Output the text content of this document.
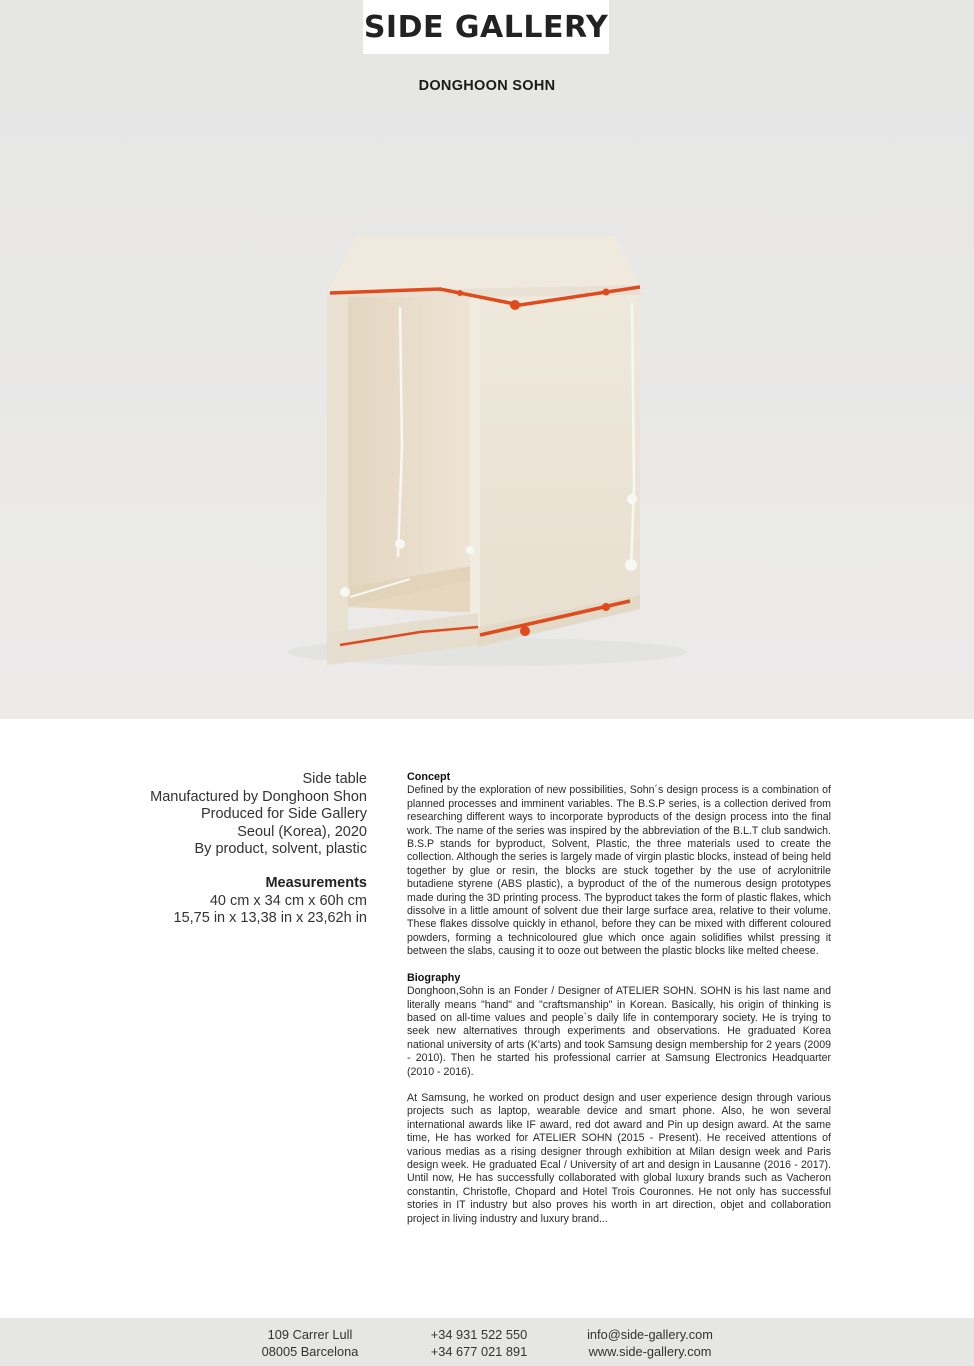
SIDE GALLERY
DONGHOON SOHN
Side table
Manufactured by Donghoon Shon
Produced for Side Gallery
Seoul (Korea), 2020
By product, solvent, plastic
Measurements
40 cm x 34 cm x 60h cm
15,75 in x 13,38 in x 23,62h in
Concept

Defined by the exploration of new possibilities, Sohn´s design process is a combination of planned processes and imminent variables. The B.S.P series, is a collection derived from researching different ways to incorporate byproducts of the design process into the final work. The name of the series was inspired by the abbreviation of the B.L.T club sandwich. B.S.P stands for byproduct, Solvent, Plastic, the three materials used to create the collection. Although the series is largely made of virgin plastic blocks, instead of being held together by glue or resin, the blocks are stuck together by the use of acrylonitrile butadiene styrene (ABS plastic), a byproduct of the of the numerous design prototypes made during the 3D printing process. The byproduct takes the form of plastic flakes, which dissolve in a little amount of solvent due their large surface area, relative to their volume. These flakes dissolve quickly in ethanol, before they can be mixed with different coloured powders, forming a technicoloured glue which once again solidifies whilst pressing it between the slabs, causing it to ooze out between the plastic blocks like melted cheese.

Biography

Donghoon,Sohn is an Fonder / Designer of ATELIER SOHN. SOHN is his last name and literally means "hand" and "craftsmanship" in Korean. Basically, his origin of thinking is based on all-time values and people`s daily life in contemporary society. He is trying to seek new alternatives through experiments and observations. He graduated Korea national university of arts (K'arts) and took Samsung design membership for 2 years (2009 - 2010). Then he started his professional carrier at Samsung Electronics Headquarter (2010 - 2016).

At Samsung, he worked on product design and user experience design through various projects such as laptop, wearable device and smart phone. Also, he won several international awards like IF award, red dot award and Pin up design award. At the same time, He has worked for ATELIER SOHN (2015 - Present). He received attentions of various medias as a rising designer through exhibition at Milan design week and Paris design week. He graduated Ecal / University of art and design in Lausanne (2016 - 2017). Until now, He has successfully collaborated with global luxury brands such as Vacheron constantin, Christofle, Chopard and Hotel Trois Couronnes. He not only has successful stories in IT industry but also proves his worth in art direction, objet and collaboration project in living industry and luxury brand...

109 Carrer Lull
08005 Barcelona
+34 931 522 550
+34 677 021 891
info@side-gallery.com
www.side-gallery.com
